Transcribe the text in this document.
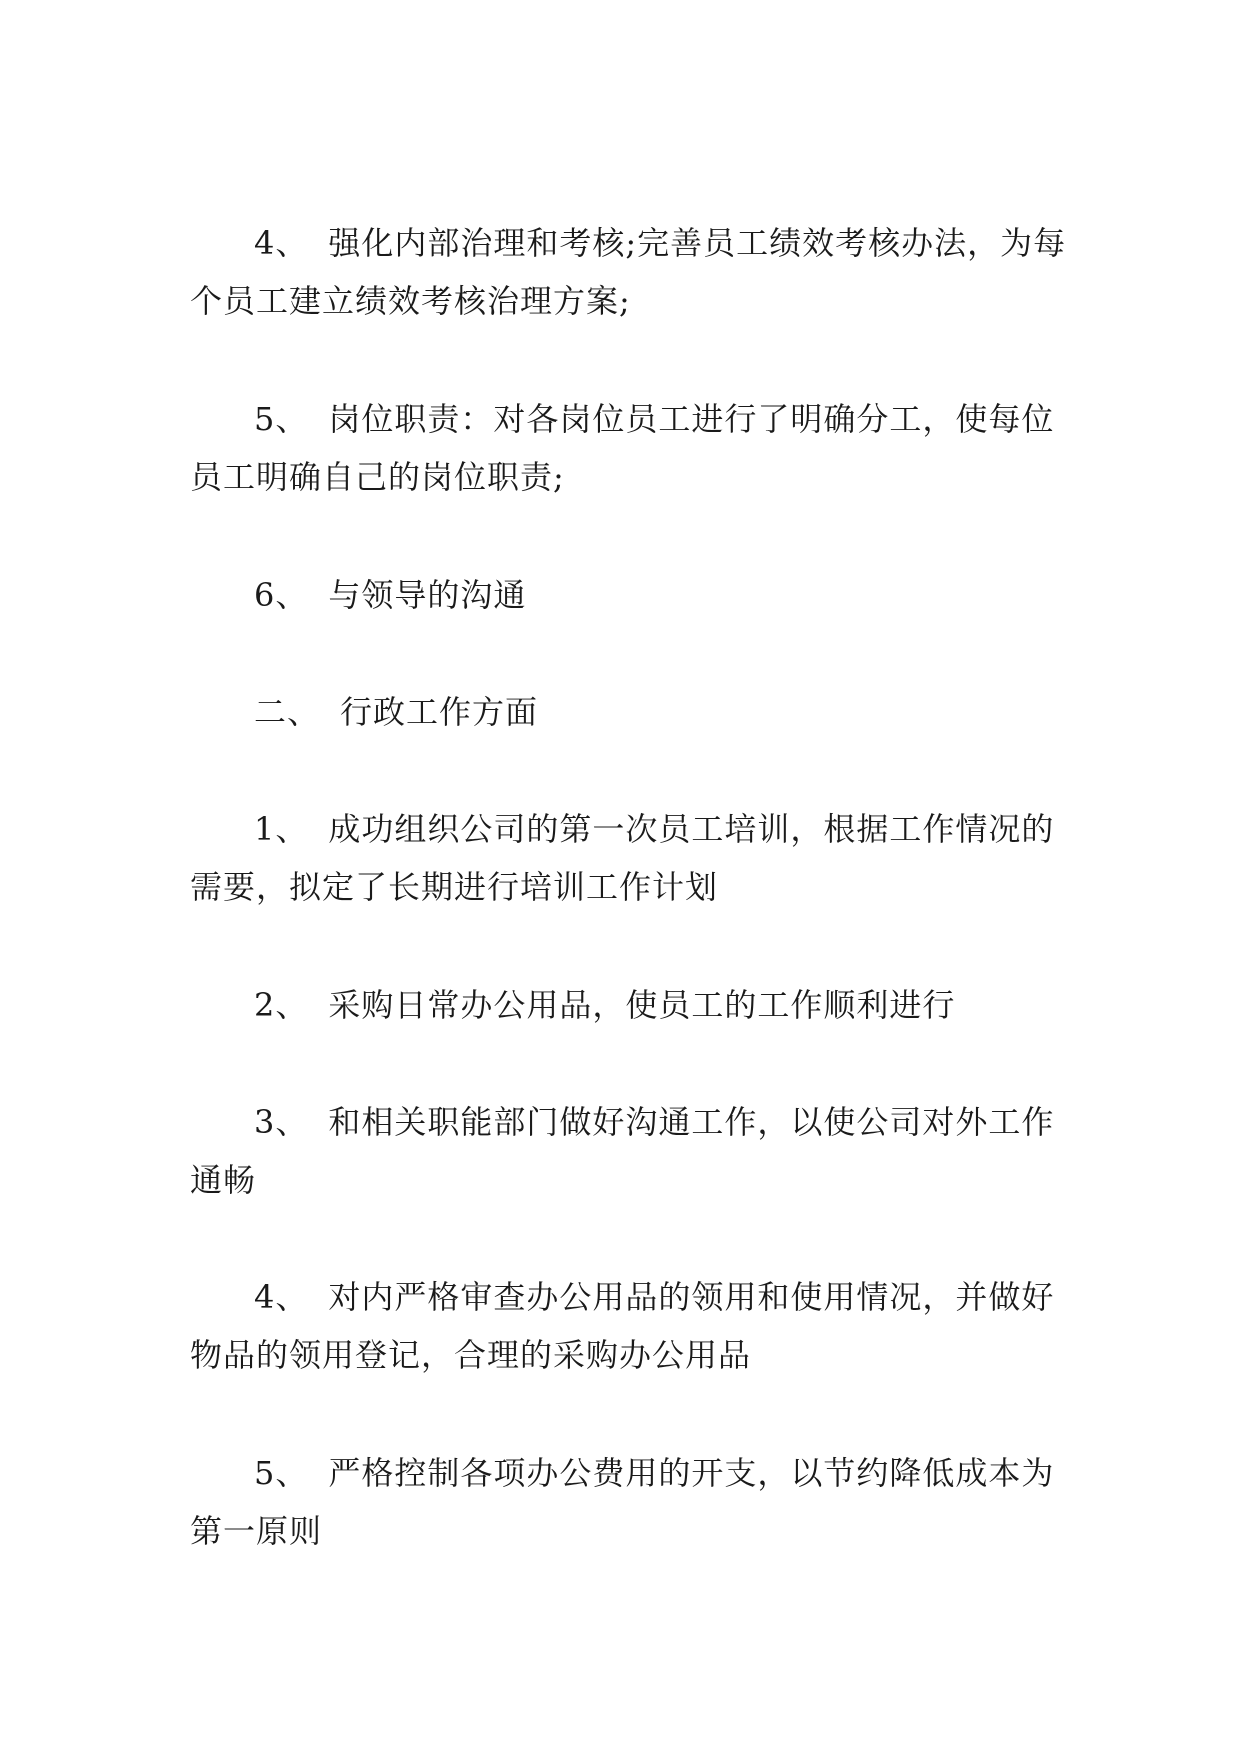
4、 强化内部治理和考核;完善员工绩效考核办法，为每
个员工建立绩效考核治理方案;

5、 岗位职责：对各岗位员工进行了明确分工，使每位
员工明确自己的岗位职责;

6、 与领导的沟通

二、 行政工作方面

1、 成功组织公司的第一次员工培训，根据工作情况的
需要，拟定了长期进行培训工作计划

2、 采购日常办公用品，使员工的工作顺利进行

3、 和相关职能部门做好沟通工作，以使公司对外工作
通畅

4、 对内严格审查办公用品的领用和使用情况，并做好
物品的领用登记，合理的采购办公用品

5、 严格控制各项办公费用的开支，以节约降低成本为
第一原则
